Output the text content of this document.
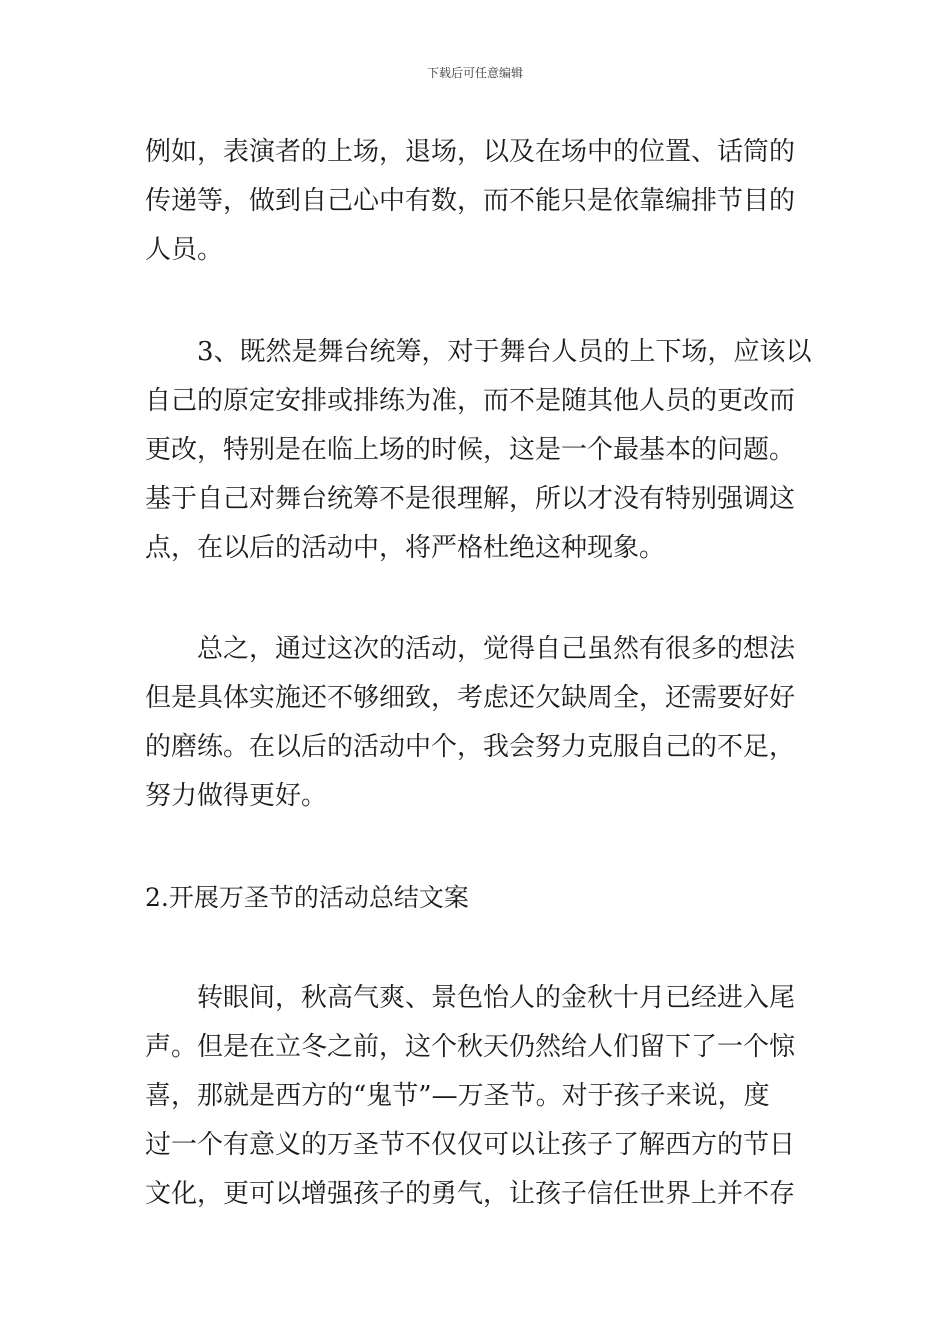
下载后可任意编辑
例如，表演者的上场，退场，以及在场中的位置、话筒的
传递等，做到自己心中有数，而不能只是依靠编排节目的
人员。
3、既然是舞台统筹，对于舞台人员的上下场，应该以
自己的原定安排或排练为准，而不是随其他人员的更改而
更改，特别是在临上场的时候，这是一个最基本的问题。
基于自己对舞台统筹不是很理解，所以才没有特别强调这
点，在以后的活动中，将严格杜绝这种现象。
总之，通过这次的活动，觉得自己虽然有很多的想法
但是具体实施还不够细致，考虑还欠缺周全，还需要好好
的磨练。在以后的活动中个，我会努力克服自己的不足，
努力做得更好。
2.开展万圣节的活动总结文案
转眼间，秋高气爽、景色怡人的金秋十月已经进入尾
声。但是在立冬之前，这个秋天仍然给人们留下了一个惊
喜，那就是西方的“鬼节”—万圣节。对于孩子来说，度
过一个有意义的万圣节不仅仅可以让孩子了解西方的节日
文化，更可以增强孩子的勇气，让孩子信任世界上并不存
